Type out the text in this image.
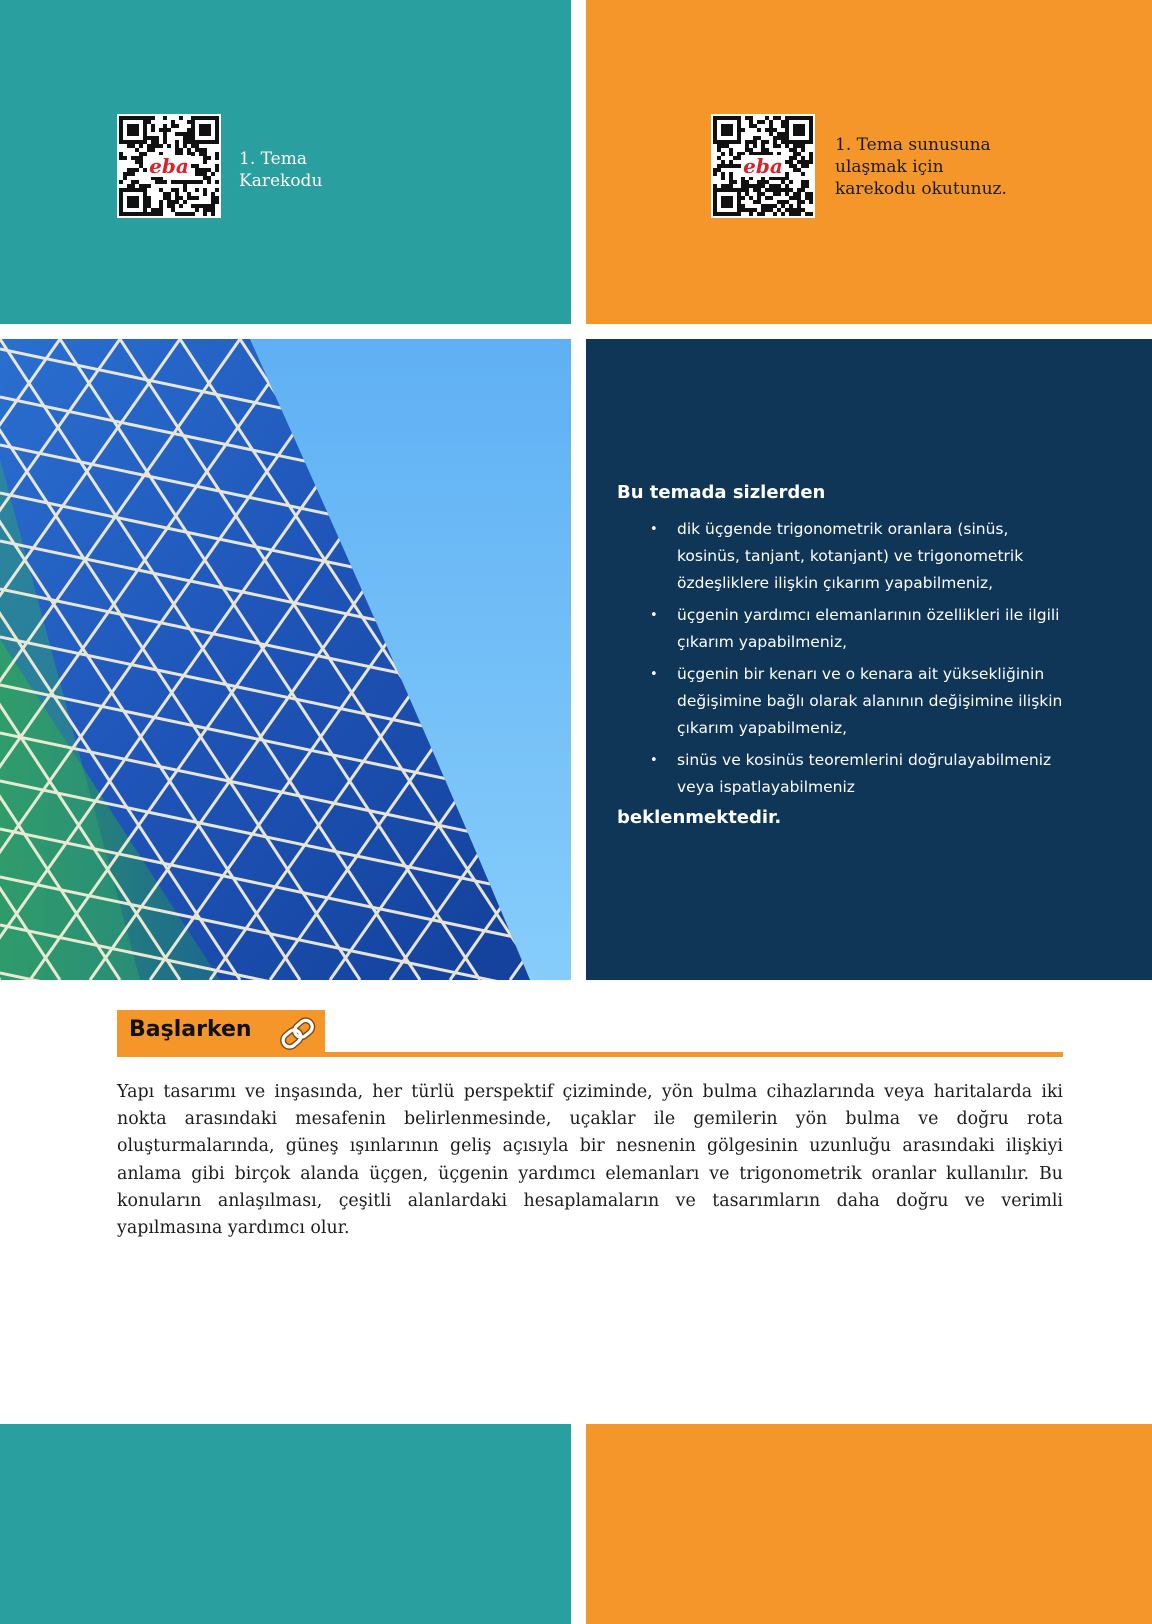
eba	1. Tema
Karekodu

eba

1. Tema sunusuna
ulaşmak için
karekodu okutunuz.

Bu temada sizlerden

• dik üçgende trigonometrik oranlara (sinüs, kosinüs, tanjant, kotanjant) ve trigonometrik özdeşliklere ilişkin çıkarım yapabilmeniz,
• üçgenin yardımcı elemanlarının özellikleri ile ilgili çıkarım yapabilmeniz,
• üçgenin bir kenarı ve o kenara ait yüksekliğinin değişimine bağlı olarak alanının değişimine ilişkin çıkarım yapabilmeniz,
• sinüs ve kosinüs teoremlerini doğrulayabilmeniz veya ispatlayabilmeniz

beklenmektedir.

Başlarken

Yapı tasarımı ve inşasında, her türlü perspektif çiziminde, yön bulma cihazlarında veya haritalarda iki nokta arasındaki mesafenin belirlenmesinde, uçaklar ile gemilerin yön bulma ve doğru rota oluşturmalarında, güneş ışınlarının geliş açısıyla bir nesnenin gölgesinin uzunluğu arasındaki ilişkiyi anlama gibi birçok alanda üçgen, üçgenin yardımcı elemanları ve trigonometrik oranlar kullanılır. Bu konuların anlaşılması, çeşitli alanlardaki hesaplamaların ve tasarımların daha doğru ve verimli yapılmasına yardımcı olur.
